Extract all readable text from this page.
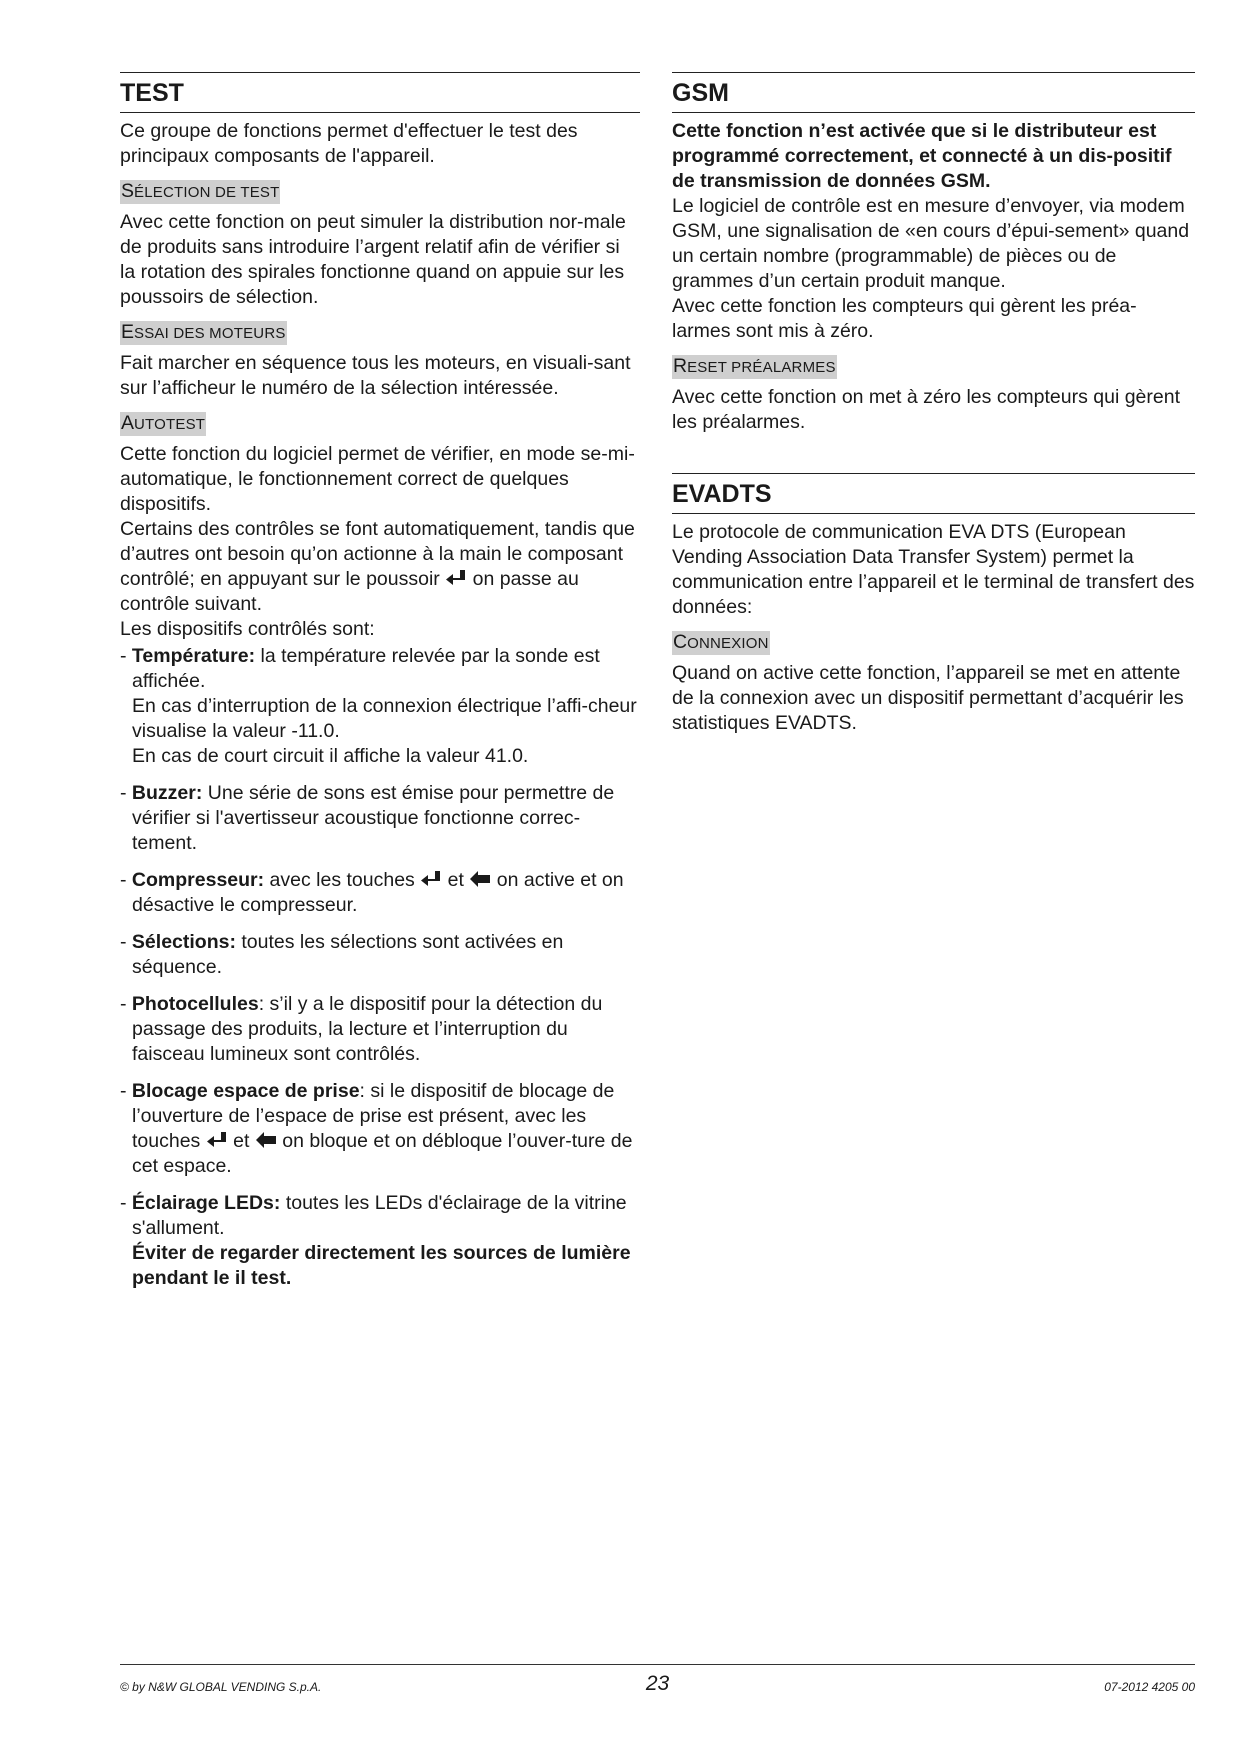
TEST

Ce groupe de fonctions permet d'effectuer le test des principaux composants de l'appareil.

SÉLECTION DE TEST

Avec cette fonction on peut simuler la distribution nor-male de produits sans introduire l’argent relatif afin de vérifier si la rotation des spirales fonctionne quand on appuie sur les poussoirs de sélection.

ESSAI DES MOTEURS

Fait marcher en séquence tous les moteurs, en visuali-sant sur l’afficheur le numéro de la sélection intéressée.

AUTOTEST

Cette fonction du logiciel permet de vérifier, en mode se-mi-automatique, le fonctionnement correct de quelques dispositifs.

Certains des contrôles se font automatiquement, tandis que d’autres ont besoin qu’on actionne à la main le composant contrôlé; en appuyant sur le poussoir on passe au contrôle suivant.

Les dispositifs contrôlés sont:

- Température: la température relevée par la sonde est affichée.
En cas d’interruption de la connexion électrique l’affi-cheur visualise la valeur -11.0.
En cas de court circuit il affiche la valeur 41.0.
- Buzzer: Une série de sons est émise pour permettre de vérifier si l'avertisseur acoustique fonctionne correc-tement.
- Compresseur: avec les touches et on active et on désactive le compresseur.
- Sélections: toutes les sélections sont activées en séquence.
- Photocellules: s’il y a le dispositif pour la détection du passage des produits, la lecture et l’interruption du faisceau lumineux sont contrôlés.
- Blocage espace de prise: si le dispositif de blocage de l’ouverture de l’espace de prise est présent, avec les touches et on bloque et on débloque l’ouver-ture de cet espace.
- Éclairage LEDs: toutes les LEDs d'éclairage de la vitrine s'allument.
Éviter de regarder directement les sources de lumière pendant le il test.
GSM

Cette fonction n’est activée que si le distributeur est programmé correctement, et connecté à un dis-positif de transmission de données GSM.

Le logiciel de contrôle est en mesure d’envoyer, via modem GSM, une signalisation de «en cours d’épui-sement» quand un certain nombre (programmable) de pièces ou de grammes d’un certain produit manque.

Avec cette fonction les compteurs qui gèrent les préa-larmes sont mis à zéro.

RESET PRÉALARMES

Avec cette fonction on met à zéro les compteurs qui gèrent les préalarmes.

EVADTS

Le protocole de communication EVA DTS (European Vending Association Data Transfer System) permet la communication entre l’appareil et le terminal de transfert des données:

CONNEXION

Quand on active cette fonction, l’appareil se met en attente de la connexion avec un dispositif permettant d’acquérir les statistiques EVADTS.

© by N&W GLOBAL VENDING S.p.A.	23	07-2012 4205 00
